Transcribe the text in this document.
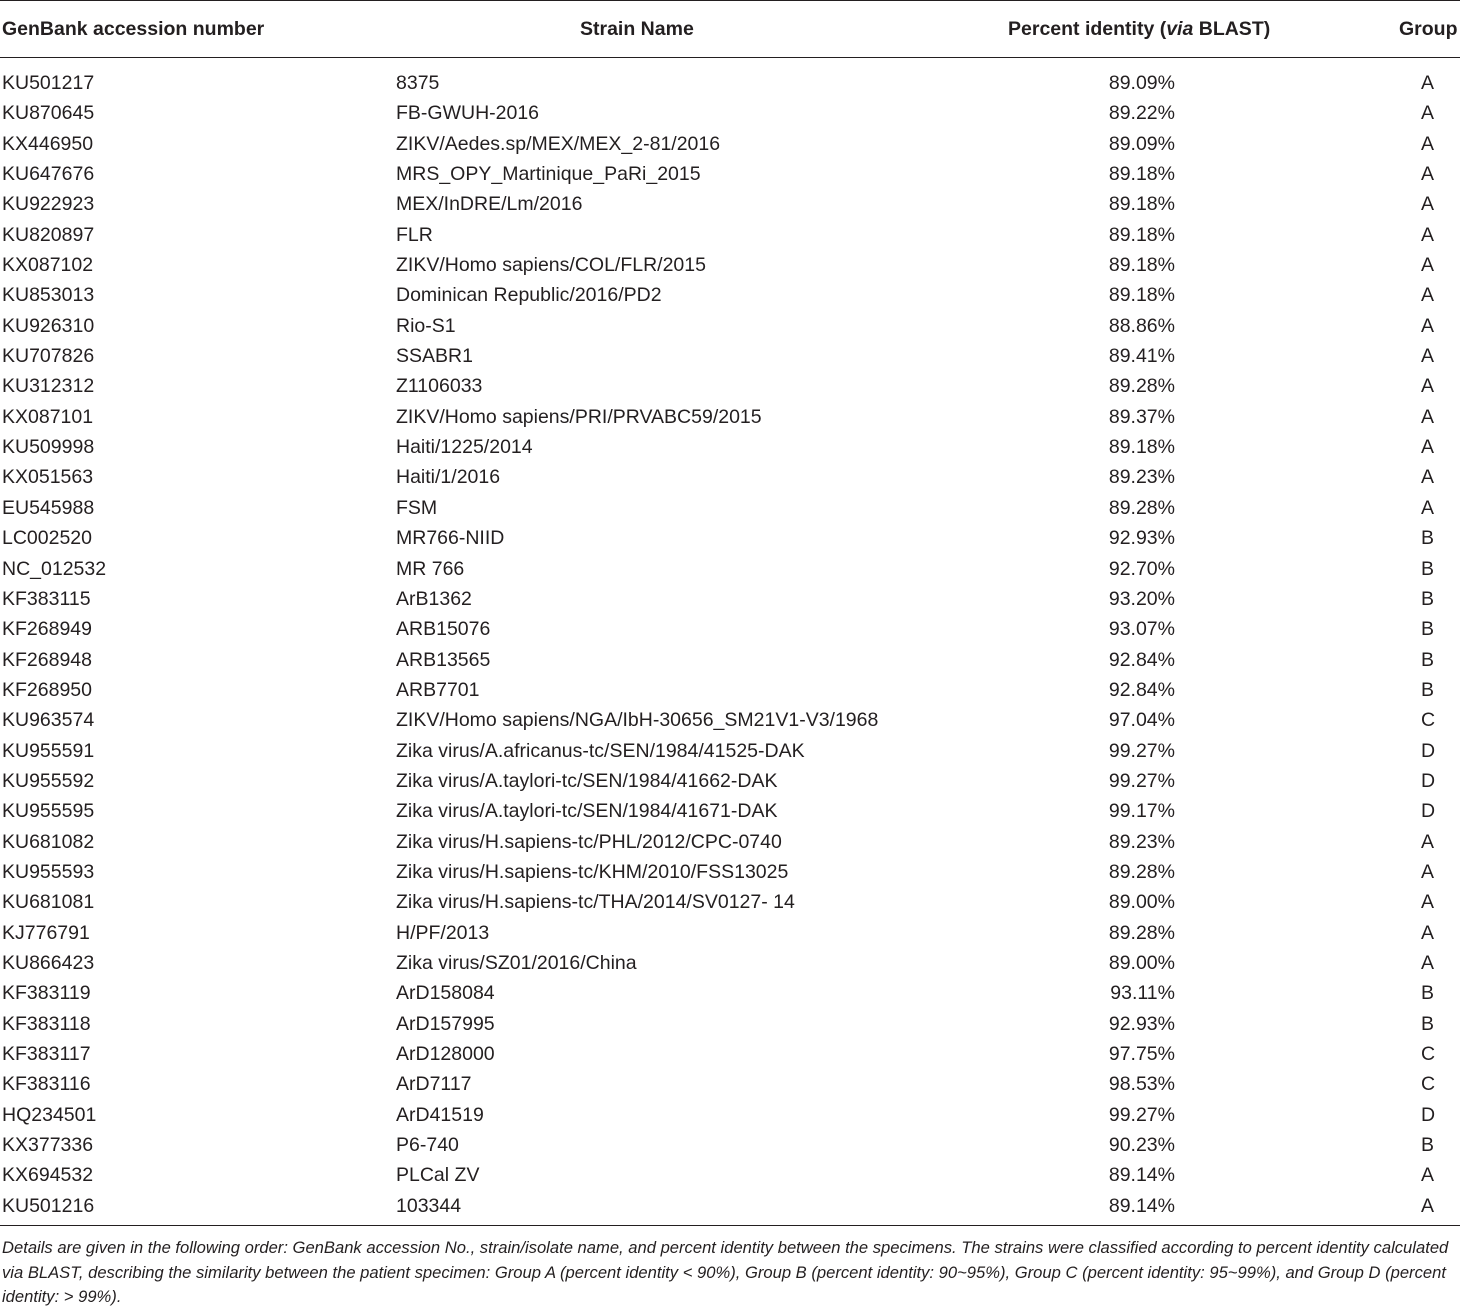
GenBank accession number	Strain Name	Percent identity (via BLAST)	Group
KU501217	8375	89.09%	A
KU870645	FB-GWUH-2016	89.22%	A
KX446950	ZIKV/Aedes.sp/MEX/MEX_2-81/2016	89.09%	A
KU647676	MRS_OPY_Martinique_PaRi_2015	89.18%	A
KU922923	MEX/InDRE/Lm/2016	89.18%	A
KU820897	FLR	89.18%	A
KX087102	ZIKV/Homo sapiens/COL/FLR/2015	89.18%	A
KU853013	Dominican Republic/2016/PD2	89.18%	A
KU926310	Rio-S1	88.86%	A
KU707826	SSABR1	89.41%	A
KU312312	Z1106033	89.28%	A
KX087101	ZIKV/Homo sapiens/PRI/PRVABC59/2015	89.37%	A
KU509998	Haiti/1225/2014	89.18%	A
KX051563	Haiti/1/2016	89.23%	A
EU545988	FSM	89.28%	A
LC002520	MR766-NIID	92.93%	B
NC_012532	MR 766	92.70%	B
KF383115	ArB1362	93.20%	B
KF268949	ARB15076	93.07%	B
KF268948	ARB13565	92.84%	B
KF268950	ARB7701	92.84%	B
KU963574	ZIKV/Homo sapiens/NGA/IbH-30656_SM21V1-V3/1968	97.04%	C
KU955591	Zika virus/A.africanus-tc/SEN/1984/41525-DAK	99.27%	D
KU955592	Zika virus/A.taylori-tc/SEN/1984/41662-DAK	99.27%	D
KU955595	Zika virus/A.taylori-tc/SEN/1984/41671-DAK	99.17%	D
KU681082	Zika virus/H.sapiens-tc/PHL/2012/CPC-0740	89.23%	A
KU955593	Zika virus/H.sapiens-tc/KHM/2010/FSS13025	89.28%	A
KU681081	Zika virus/H.sapiens-tc/THA/2014/SV0127- 14	89.00%	A
KJ776791	H/PF/2013	89.28%	A
KU866423	Zika virus/SZ01/2016/China	89.00%	A
KF383119	ArD158084	93.11%	B
KF383118	ArD157995	92.93%	B
KF383117	ArD128000	97.75%	C
KF383116	ArD7117	98.53%	C
HQ234501	ArD41519	99.27%	D
KX377336	P6-740	90.23%	B
KX694532	PLCal ZV	89.14%	A
KU501216	103344	89.14%	A
Details are given in the following order: GenBank accession No., strain/isolate name, and percent identity between the specimens. The strains were classified according to percent identity calculated via BLAST, describing the similarity between the patient specimen: Group A (percent identity < 90%), Group B (percent identity: 90~95%), Group C (percent identity: 95~99%), and Group D (percent identity: > 99%).
